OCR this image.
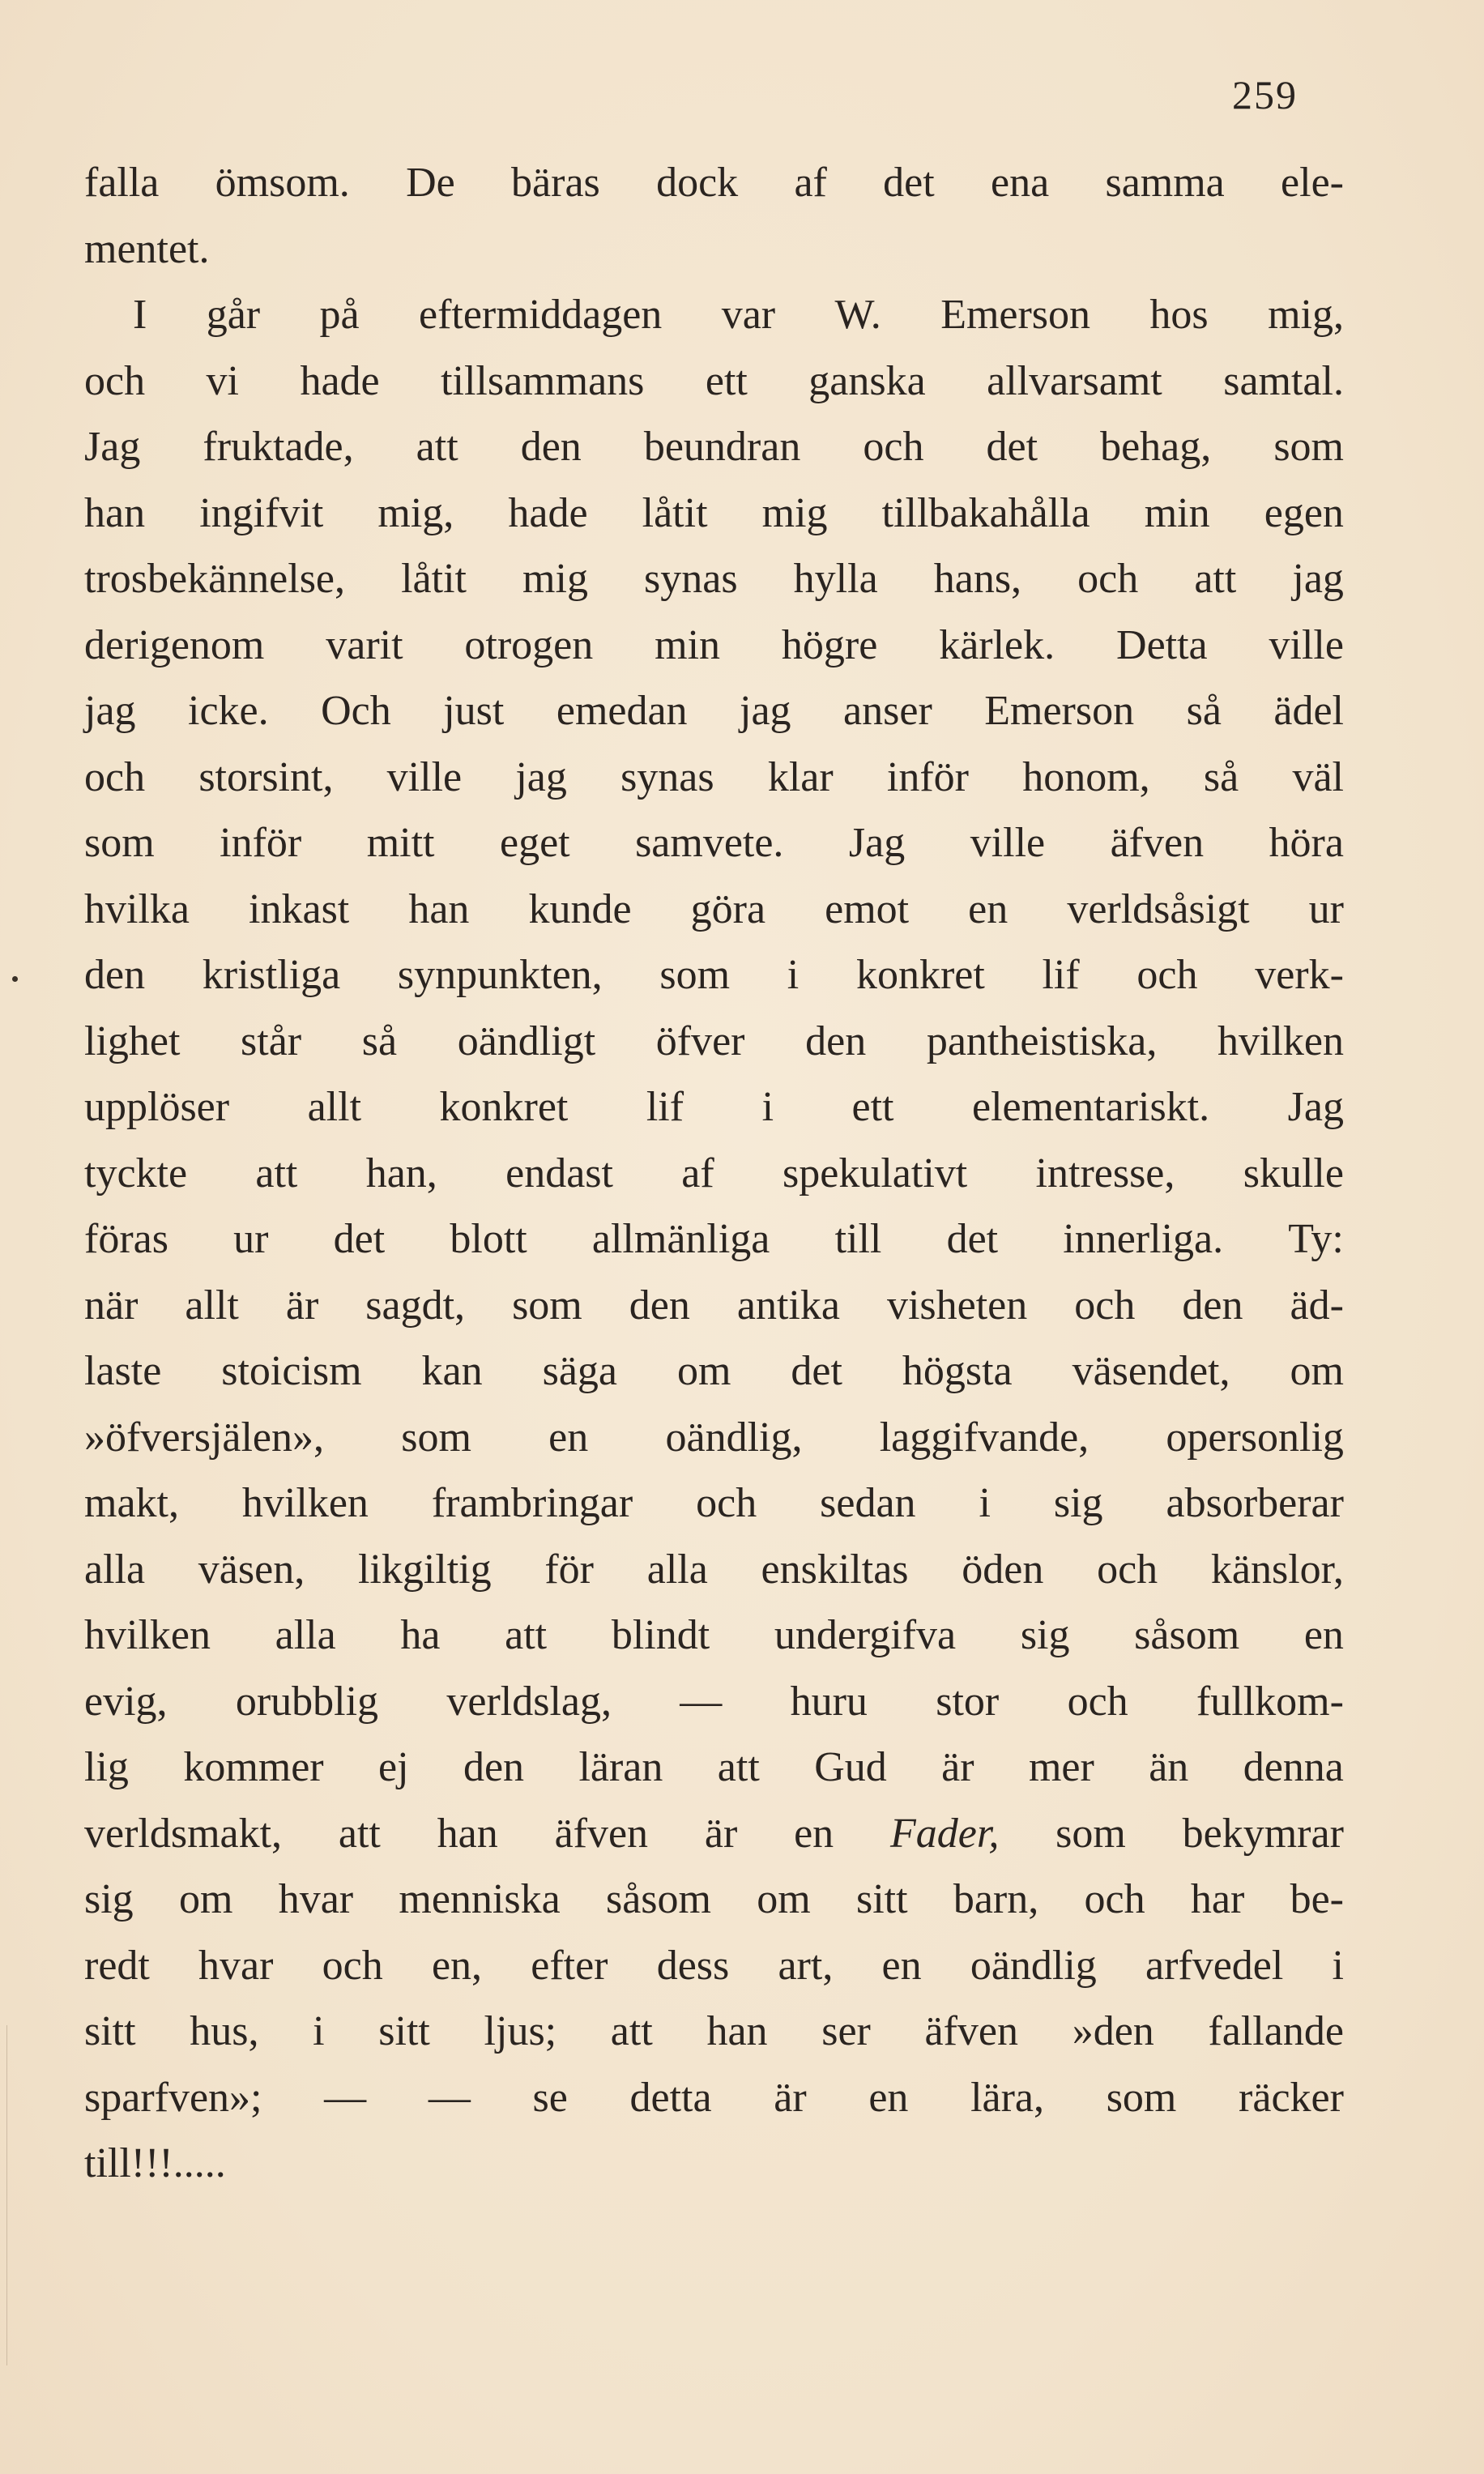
259
falla ömsom. De bäras dock af det ena samma ele-
mentet.
I går på eftermiddagen var W. Emerson hos mig,
och vi hade tillsammans ett ganska allvarsamt samtal.
Jag fruktade, att den beundran och det behag, som
han ingifvit mig, hade låtit mig tillbakahålla min egen
trosbekännelse, låtit mig synas hylla hans, och att jag
derigenom varit otrogen min högre kärlek. Detta ville
jag icke. Och just emedan jag anser Emerson så ädel
och storsint, ville jag synas klar inför honom, så väl
som inför mitt eget samvete. Jag ville äfven höra
hvilka inkast han kunde göra emot en verldsåsigt ur
den kristliga synpunkten, som i konkret lif och verk-
lighet står så oändligt öfver den pantheistiska, hvilken
upplöser allt konkret lif i ett elementariskt. Jag
tyckte att han, endast af spekulativt intresse, skulle
föras ur det blott allmänliga till det innerliga. Ty:
när allt är sagdt, som den antika visheten och den äd-
laste stoicism kan säga om det högsta väsendet, om
»öfversjälen», som en oändlig, laggifvande, opersonlig
makt, hvilken frambringar och sedan i sig absorberar
alla väsen, likgiltig för alla enskiltas öden och känslor,
hvilken alla ha att blindt undergifva sig såsom en
evig, orubblig verldslag, — huru stor och fullkom-
lig kommer ej den läran att Gud är mer än denna
verldsmakt, att han äfven är en Fader, som bekymrar
sig om hvar menniska såsom om sitt barn, och har be-
redt hvar och en, efter dess art, en oändlig arfvedel i
sitt hus, i sitt ljus; att han ser äfven »den fallande
sparfven»; — — se detta är en lära, som räcker
till!!!.....
